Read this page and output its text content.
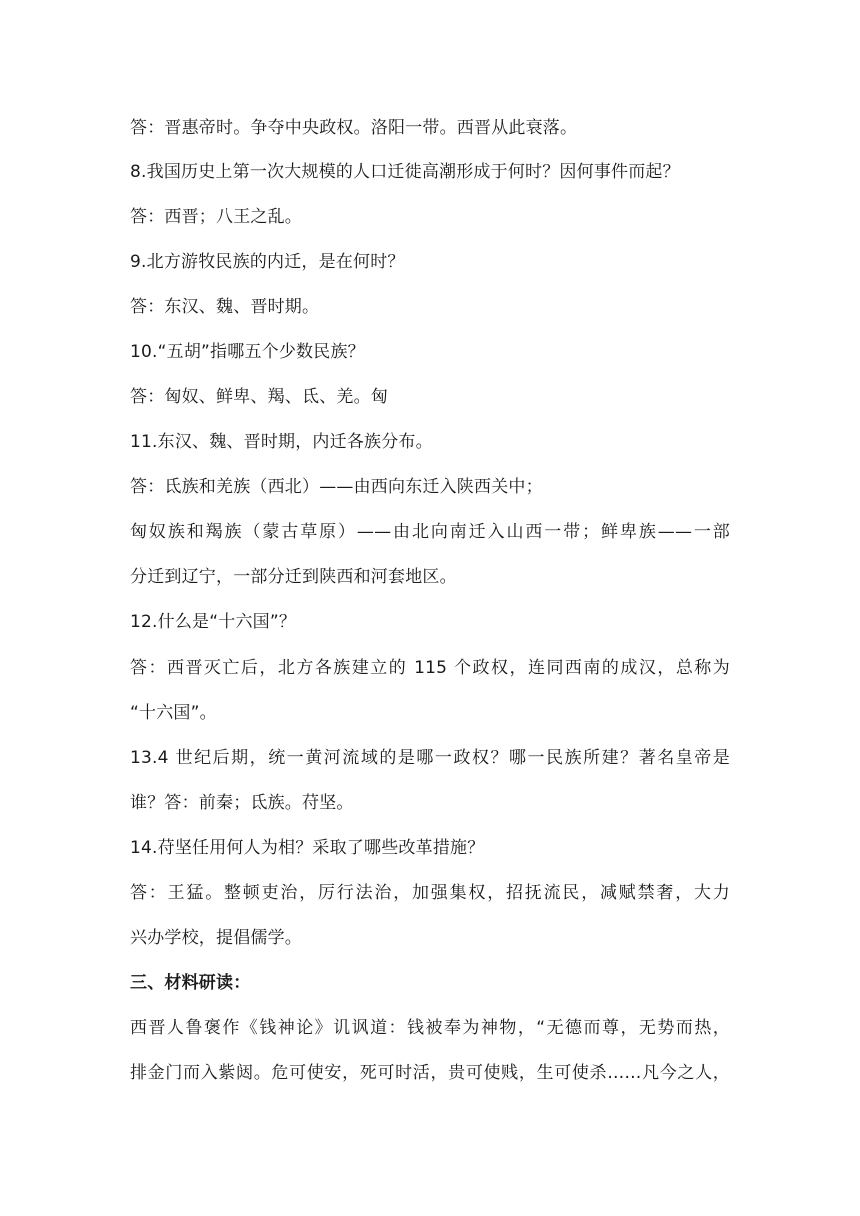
答：晋惠帝时。争夺中央政权。洛阳一带。西晋从此衰落。
8.我国历史上第一次大规模的人口迁徙高潮形成于何时？因何事件而起？
答：西晋；八王之乱。
9.北方游牧民族的内迁，是在何时？
答：东汉、魏、晋时期。
10.“五胡”指哪五个少数民族？
答：匈奴、鲜卑、羯、氐、羌。匈
11.东汉、魏、晋时期，内迁各族分布。
答：氐族和羌族（西北）——由西向东迁入陕西关中；
匈奴族和羯族（蒙古草原）——由北向南迁入山西一带；鲜卑族——一部
分迁到辽宁，一部分迁到陕西和河套地区。
12.什么是“十六国”？
答：西晋灭亡后，北方各族建立的 115 个政权，连同西南的成汉，总称为
“十六国”。
13.4 世纪后期，统一黄河流域的是哪一政权？哪一民族所建？著名皇帝是
谁？答：前秦；氐族。苻坚。
14.苻坚任用何人为相？采取了哪些改革措施？
答：王猛。整顿吏治，厉行法治，加强集权，招抚流民，减赋禁奢，大力
兴办学校，提倡儒学。
三、材料研读：
西晋人鲁褒作《钱神论》讥讽道：钱被奉为神物，“无德而尊，无势而热，
排金门而入紫闼。危可使安，死可时活，贵可使贱，生可使杀……凡今之人，
